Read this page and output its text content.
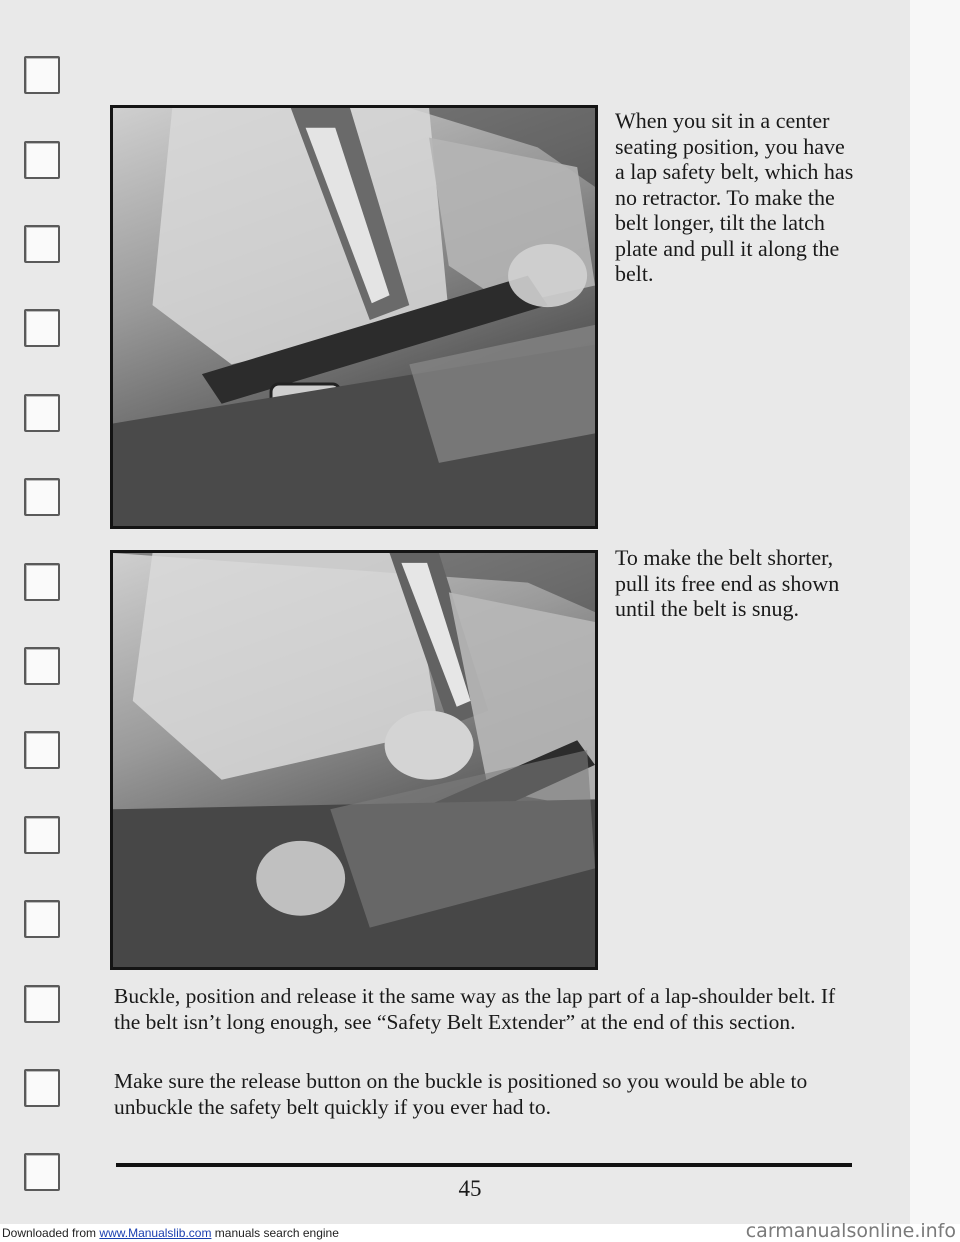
When you sit in a center seating position, you have a lap safety belt, which has no retractor. To make the belt longer, tilt the latch plate and pull it along the belt.

To make the belt shorter, pull its free end as shown until the belt is snug.

Buckle, position and release it the same way as the lap part of a lap-shoulder belt. If the belt isn’t long enough, see “Safety Belt Extender” at the end of this section.

Make sure the release button on the buckle is positioned so you would be able to unbuckle the safety belt quickly if you ever had to.

45
Downloaded from www.Manualslib.com manuals search engine	carmanualsonline.info
